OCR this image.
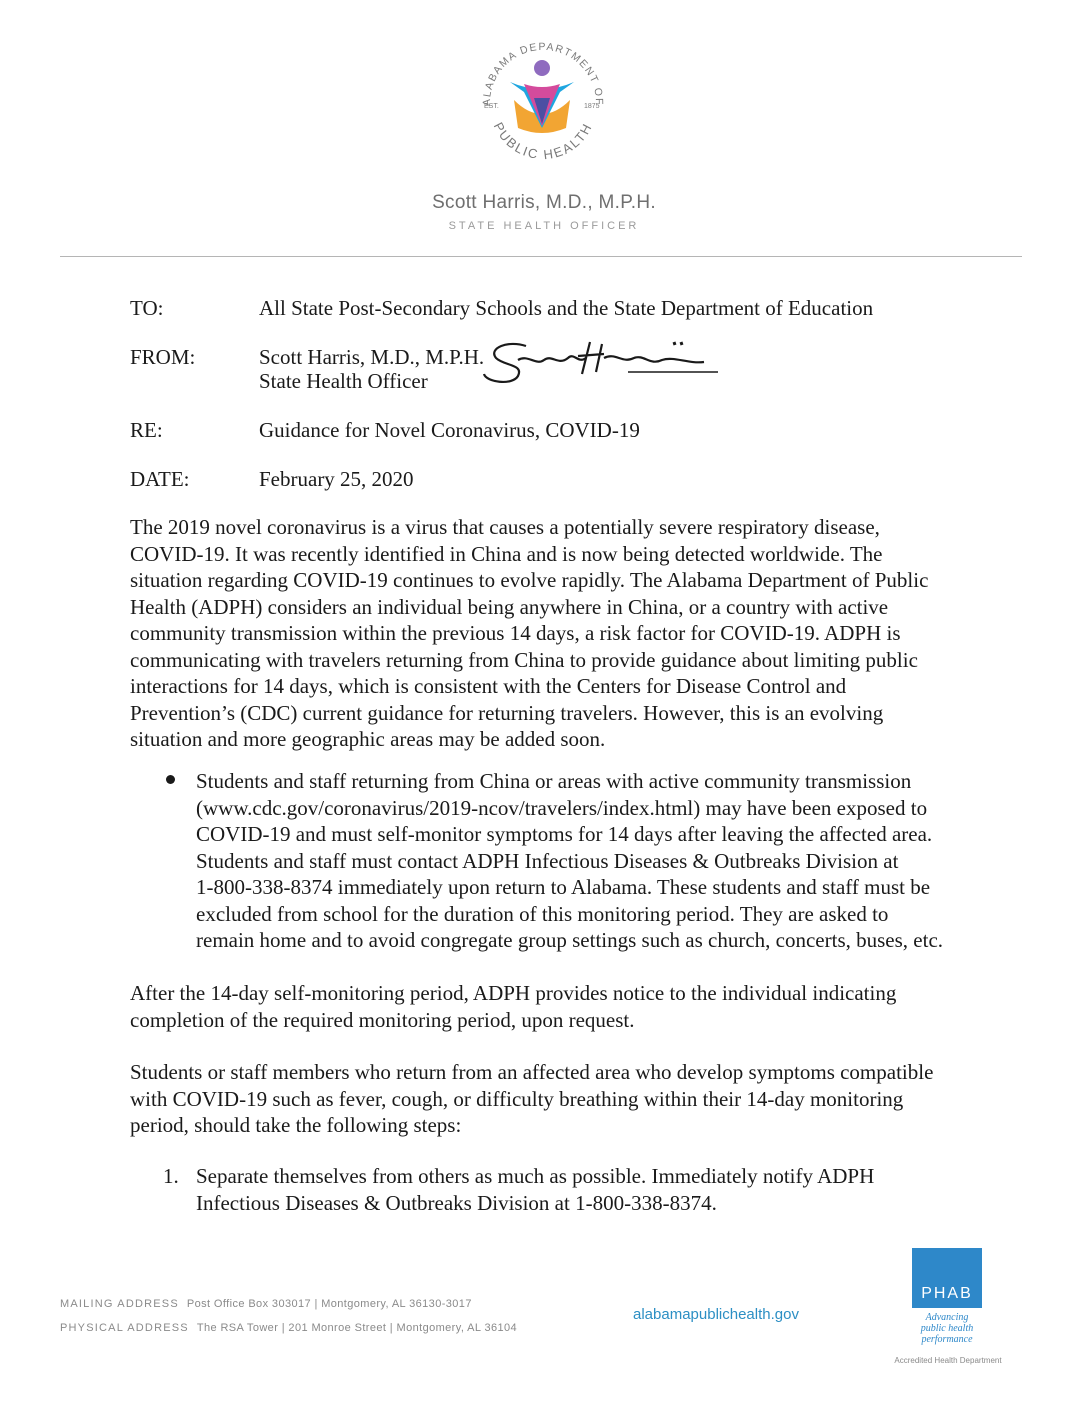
ALABAMA DEPARTMENT OF
PUBLIC HEALTH
EST.	1875
Scott Harris, M.D., M.P.H.
STATE HEALTH OFFICER
TO:	All State Post-Secondary Schools and the State Department of Education
FROM:	Scott Harris, M.D., M.P.H.
State Health Officer
RE:	Guidance for Novel Coronavirus, COVID-19
DATE:	February 25, 2020
The 2019 novel coronavirus is a virus that causes a potentially severe respiratory disease,
COVID-19. It was recently identified in China and is now being detected worldwide. The
situation regarding COVID-19 continues to evolve rapidly. The Alabama Department of Public
Health (ADPH) considers an individual being anywhere in China, or a country with active
community transmission within the previous 14 days, a risk factor for COVID-19. ADPH is
communicating with travelers returning from China to provide guidance about limiting public
interactions for 14 days, which is consistent with the Centers for Disease Control and
Prevention’s (CDC) current guidance for returning travelers. However, this is an evolving
situation and more geographic areas may be added soon.
Students and staff returning from China or areas with active community transmission
(www.cdc.gov/coronavirus/2019-ncov/travelers/index.html) may have been exposed to
COVID-19 and must self-monitor symptoms for 14 days after leaving the affected area.
Students and staff must contact ADPH Infectious Diseases & Outbreaks Division at
1-800-338-8374 immediately upon return to Alabama. These students and staff must be
excluded from school for the duration of this monitoring period. They are asked to
remain home and to avoid congregate group settings such as church, concerts, buses, etc.
After the 14-day self-monitoring period, ADPH provides notice to the individual indicating
completion of the required monitoring period, upon request.
Students or staff members who return from an affected area who develop symptoms compatible
with COVID-19 such as fever, cough, or difficulty breathing within their 14-day monitoring
period, should take the following steps:
1. Separate themselves from others as much as possible. Immediately notify ADPH
Infectious Diseases & Outbreaks Division at 1-800-338-8374.
MAILING ADDRESS Post Office Box 303017 | Montgomery, AL 36130-3017
PHYSICAL ADDRESS The RSA Tower | 201 Monroe Street | Montgomery, AL 36104
alabamapublichealth.gov
PHAB
Advancing
public health
performance
Accredited Health Department
